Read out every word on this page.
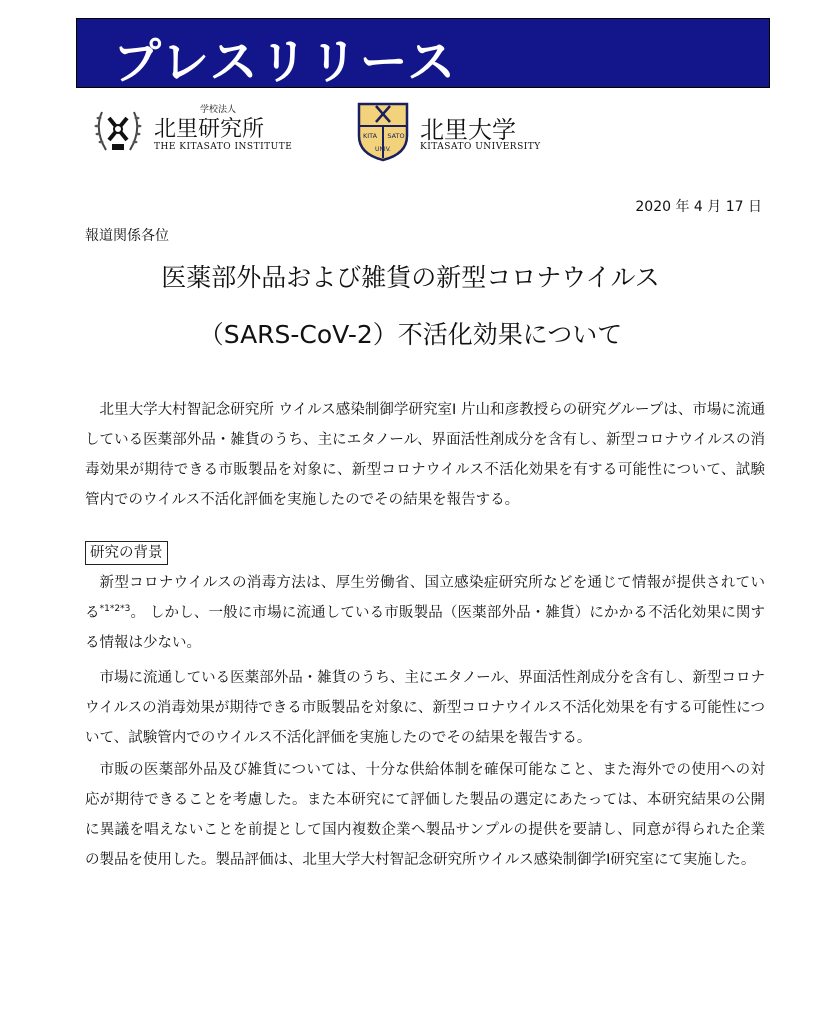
プレスリリース
学校法人
北里研究所
THE KITASATO INSTITUTE
KITA SATO
UNIV.
北里大学
KITASATO UNIVERSITY
2020 年 4 月 17 日
報道関係各位
医薬部外品および雑貨の新型コロナウイルス
（SARS-CoV-2）不活化効果について
北里大学大村智記念研究所 ウイルス感染制御学研究室Ⅰ 片山和彦教授らの研究グループは、市場に流通している医薬部外品・雑貨のうち、主にエタノール、界面活性剤成分を含有し、新型コロナウイルスの消毒効果が期待できる市販製品を対象に、新型コロナウイルス不活化効果を有する可能性について、試験管内でのウイルス不活化評価を実施したのでその結果を報告する。
研究の背景
新型コロナウイルスの消毒方法は、厚生労働省、国立感染症研究所などを通じて情報が提供されている$^{*1*2*3}$。 しかし、一般に市場に流通している市販製品（医薬部外品・雑貨）にかかる不活化効果に関する情報は少ない。
市場に流通している医薬部外品・雑貨のうち、主にエタノール、界面活性剤成分を含有し、新型コロナウイルスの消毒効果が期待できる市販製品を対象に、新型コロナウイルス不活化効果を有する可能性について、試験管内でのウイルス不活化評価を実施したのでその結果を報告する。
市販の医薬部外品及び雑貨については、十分な供給体制を確保可能なこと、また海外での使用への対応が期待できることを考慮した。また本研究にて評価した製品の選定にあたっては、本研究結果の公開に異議を唱えないことを前提として国内複数企業へ製品サンプルの提供を要請し、同意が得られた企業の製品を使用した。製品評価は、北里大学大村智記念研究所ウイルス感染制御学Ⅰ研究室にて実施した。
